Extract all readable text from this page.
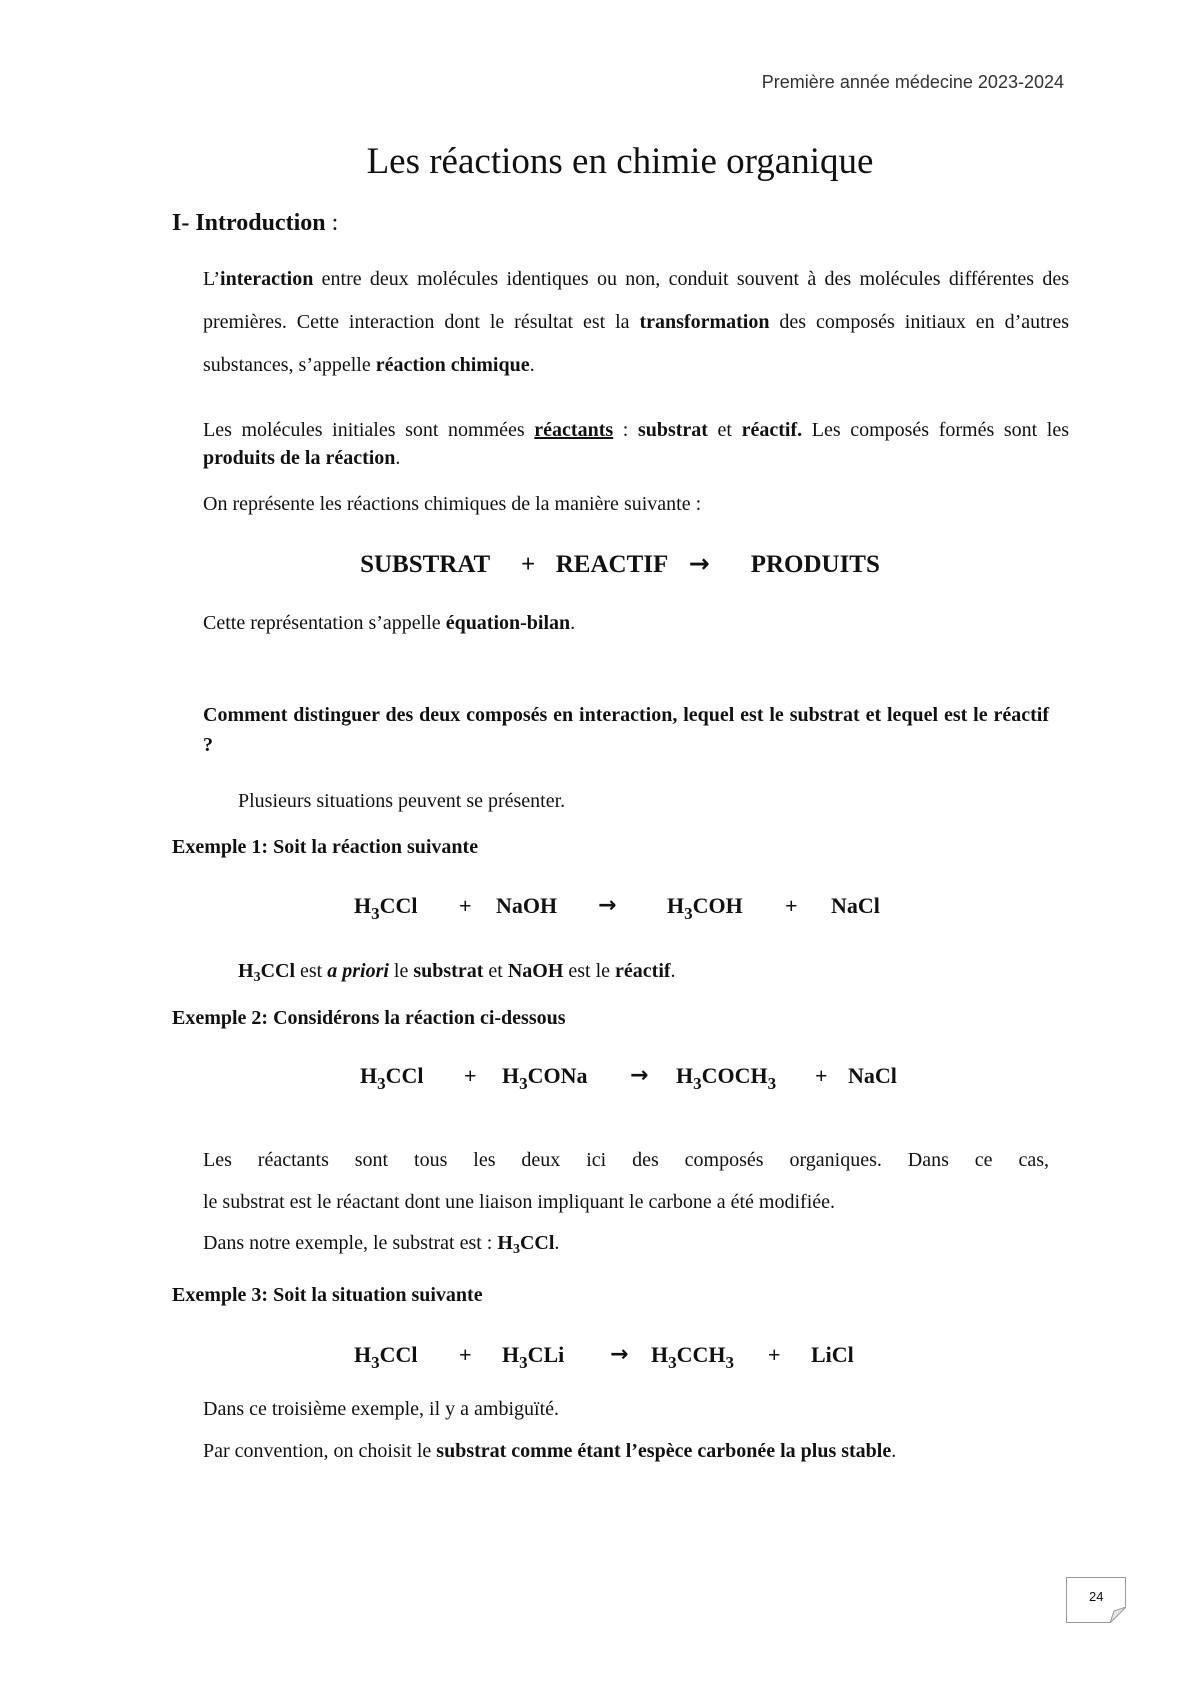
Première année médecine 2023-2024
Les réactions en chimie organique
I- Introduction :
L’interaction entre deux molécules identiques ou non, conduit souvent à des molécules différentes des premières. Cette interaction dont le résultat est la transformation des composés initiaux en d’autres substances, s’appelle réaction chimique.
Les molécules initiales sont nommées réactants : substrat et réactif. Les composés formés sont les produits de la réaction.
On représente les réactions chimiques de la manière suivante :
SUBSTRAT + REACTIF → PRODUITS
Cette représentation s’appelle équation-bilan.
Comment distinguer des deux composés en interaction, lequel est le substrat et lequel est le réactif ?
Plusieurs situations peuvent se présenter.
Exemple 1: Soit la réaction suivante
$H_3CCl$ + NaOH → $H_3COH$ + NaCl
$H_3CCl$ est a priori le substrat et NaOH est le réactif.
Exemple 2: Considérons la réaction ci-dessous
$H_3CCl$ + $H_3CONa$ → $H_3COCH_3$ + NaCl
Les réactants sont tous les deux ici des composés organiques. Dans ce cas,
le substrat est le réactant dont une liaison impliquant le carbone a été modifiée.
Dans notre exemple, le substrat est : $H_3CCl$.
Exemple 3: Soit la situation suivante
$H_3CCl + H_3CLi \to H_3CCH_3$ + LiCl
Dans ce troisième exemple, il y a ambiguïté.
Par convention, on choisit le substrat comme étant l’espèce carbonée la plus stable.
24
